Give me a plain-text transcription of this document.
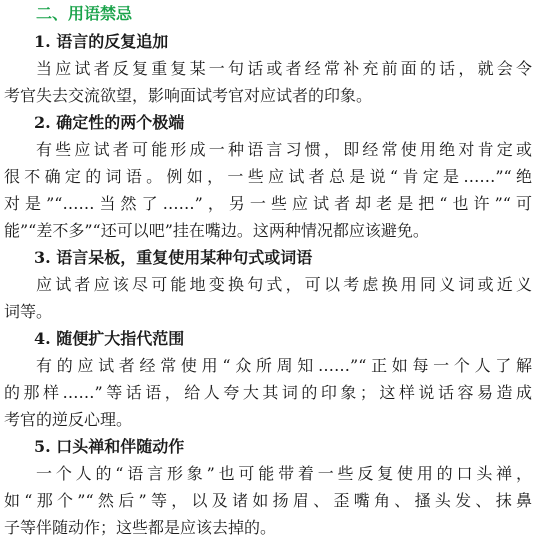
二、用语禁忌
1. 语言的反复追加

当应试者反复重复某一句话或者经常补充前面的话，就会令
考官失去交流欲望，影响面试考官对应试者的印象。

2. 确定性的两个极端

有些应试者可能形成一种语言习惯，即经常使用绝对肯定或
很不确定的词语。例如，一些应试者总是说“肯定是……”“绝
对是”“……当然了……”，另一些应试者却老是把“也许”“可
能”“差不多”“还可以吧”挂在嘴边。这两种情况都应该避免。

3. 语言呆板，重复使用某种句式或词语

应试者应该尽可能地变换句式，可以考虑换用同义词或近义
词等。

4. 随便扩大指代范围

有的应试者经常使用“众所周知……”“正如每一个人了解
的那样……”等话语，给人夸大其词的印象；这样说话容易造成
考官的逆反心理。

5. 口头禅和伴随动作

一个人的“语言形象”也可能带着一些反复使用的口头禅，
如“那个”“然后”等，以及诸如扬眉、歪嘴角、搔头发、抹鼻
子等伴随动作；这些都是应该去掉的。
